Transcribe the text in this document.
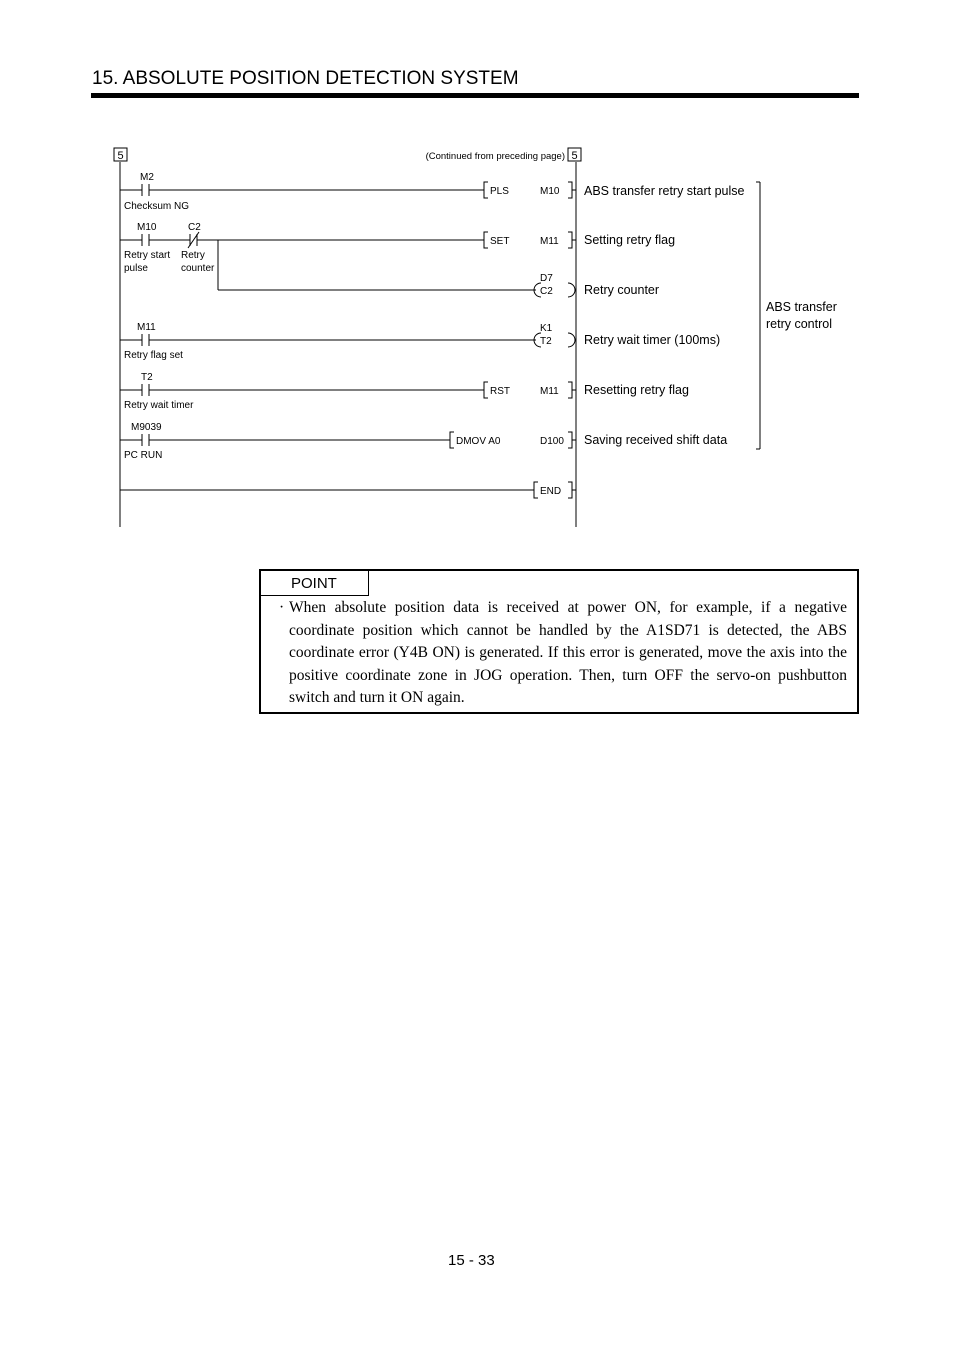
15. ABSOLUTE POSITION DETECTION SYSTEM
5	5
(Continued from preceding page)
M2
Checksum NG
PLS	M10 ABS transfer retry start pulse
M10
Retry start
pulse
C2
Retry
counter
SET	M11 Setting retry flag
D7
C2 Retry counter
M11
Retry flag set
K1
T2	Retry wait timer (100ms)
T2
Retry wait timer
RST	M11 Resetting retry flag
M9039
PC RUN
DMOV A0	D100 Saving received shift data
END
ABS transfer
retry control
POINT
· When absolute position data is received at power ON, for example, if a negative coordinate position which cannot be handled by the A1SD71 is detected, the ABS coordinate error (Y4B ON) is generated. If this error is generated, move the axis into the positive coordinate zone in JOG operation. Then, turn OFF the servo-on pushbutton switch and turn it ON again.
15 - 33
